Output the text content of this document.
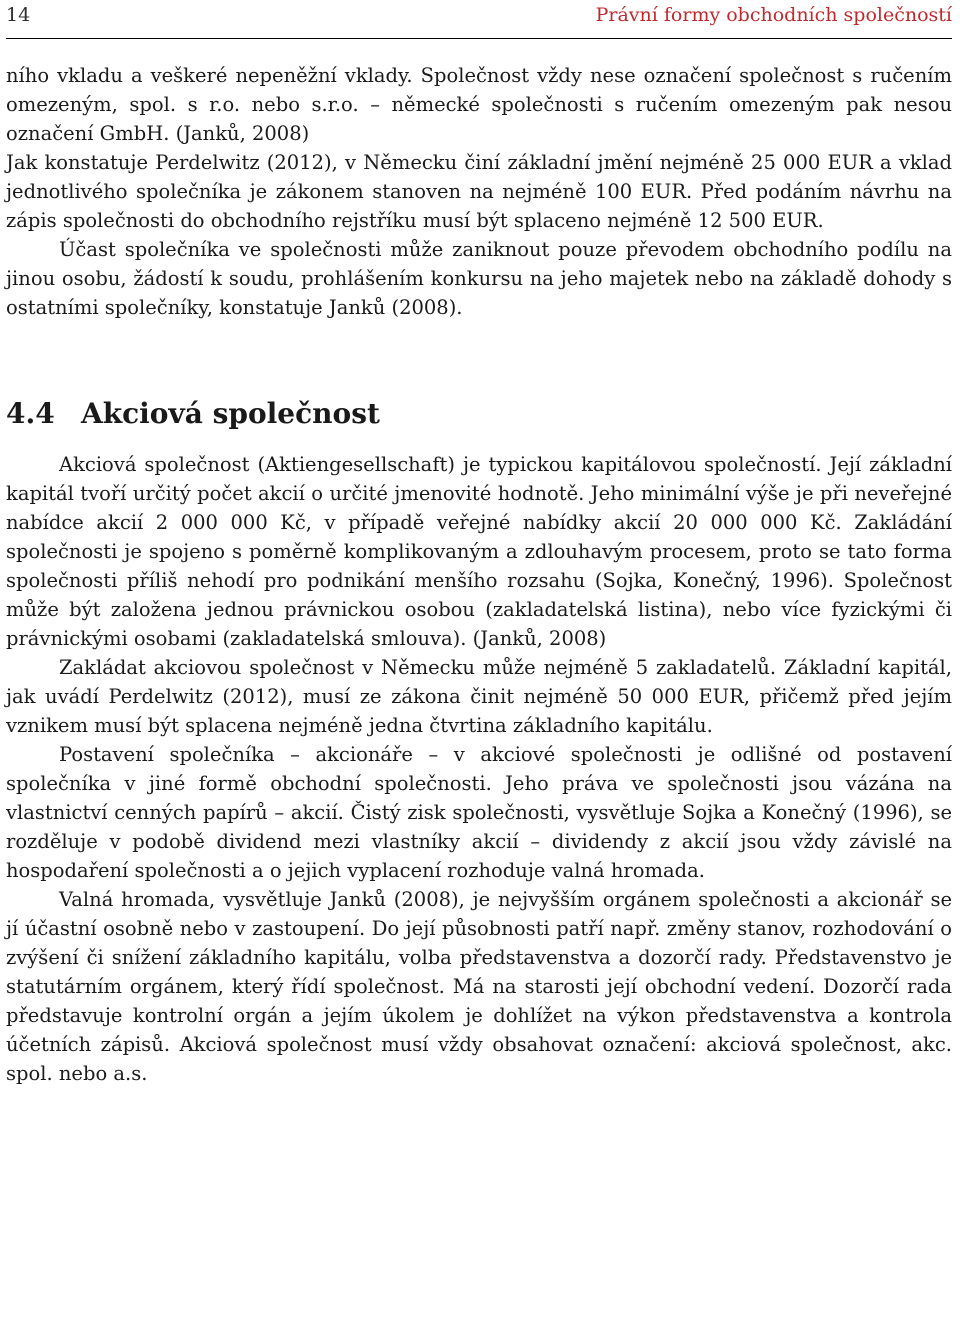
14	Právní formy obchodních společností

ního vkladu a veškeré nepeněžní vklady. Společnost vždy nese označení společnost s ručením omezeným, spol. s r.o. nebo s.r.o. – německé společnosti s ručením omezeným pak nesou označení GmbH. (Janků, 2008)

Jak konstatuje Perdelwitz (2012), v Německu činí základní jmění nejméně 25 000 EUR a vklad jednotlivého společníka je zákonem stanoven na nejméně 100 EUR. Před podáním návrhu na zápis společnosti do obchodního rejstříku musí být splaceno nejméně 12 500 EUR.

Účast společníka ve společnosti může zaniknout pouze převodem obchodního podílu na jinou osobu, žádostí k soudu, prohlášením konkursu na jeho majetek nebo na základě dohody s ostatními společníky, konstatuje Janků (2008).

4.4 Akciová společnost

Akciová společnost (Aktiengesellschaft) je typickou kapitálovou společností. Její základní kapitál tvoří určitý počet akcií o určité jmenovité hodnotě. Jeho minimální výše je při neveřejné nabídce akcií 2 000 000 Kč, v případě veřejné nabídky akcií 20 000 000 Kč. Zakládání společnosti je spojeno s poměrně komplikovaným a zdlouhavým procesem, proto se tato forma společnosti příliš nehodí pro podnikání menšího rozsahu (Sojka, Konečný, 1996). Společnost může být založena jednou právnickou osobou (zakladatelská listina), nebo více fyzickými či právnickými osobami (zakladatelská smlouva). (Janků, 2008)

Zakládat akciovou společnost v Německu může nejméně 5 zakladatelů. Základní kapitál, jak uvádí Perdelwitz (2012), musí ze zákona činit nejméně 50 000 EUR, přičemž před jejím vznikem musí být splacena nejméně jedna čtvrtina základního kapitálu.

Postavení společníka – akcionáře – v akciové společnosti je odlišné od postavení společníka v jiné formě obchodní společnosti. Jeho práva ve společnosti jsou vázána na vlastnictví cenných papírů – akcií. Čistý zisk společnosti, vysvětluje Sojka a Konečný (1996), se rozděluje v podobě dividend mezi vlastníky akcií – dividendy z akcií jsou vždy závislé na hospodaření společnosti a o jejich vyplacení rozhoduje valná hromada.

Valná hromada, vysvětluje Janků (2008), je nejvyšším orgánem společnosti a akcionář se jí účastní osobně nebo v zastoupení. Do její působnosti patří např. změny stanov, rozhodování o zvýšení či snížení základního kapitálu, volba představenstva a dozorčí rady. Představenstvo je statutárním orgánem, který řídí společnost. Má na starosti její obchodní vedení. Dozorčí rada představuje kontrolní orgán a jejím úkolem je dohlížet na výkon představenstva a kontrola účetních zápisů. Akciová společnost musí vždy obsahovat označení: akciová společnost, akc. spol. nebo a.s.
